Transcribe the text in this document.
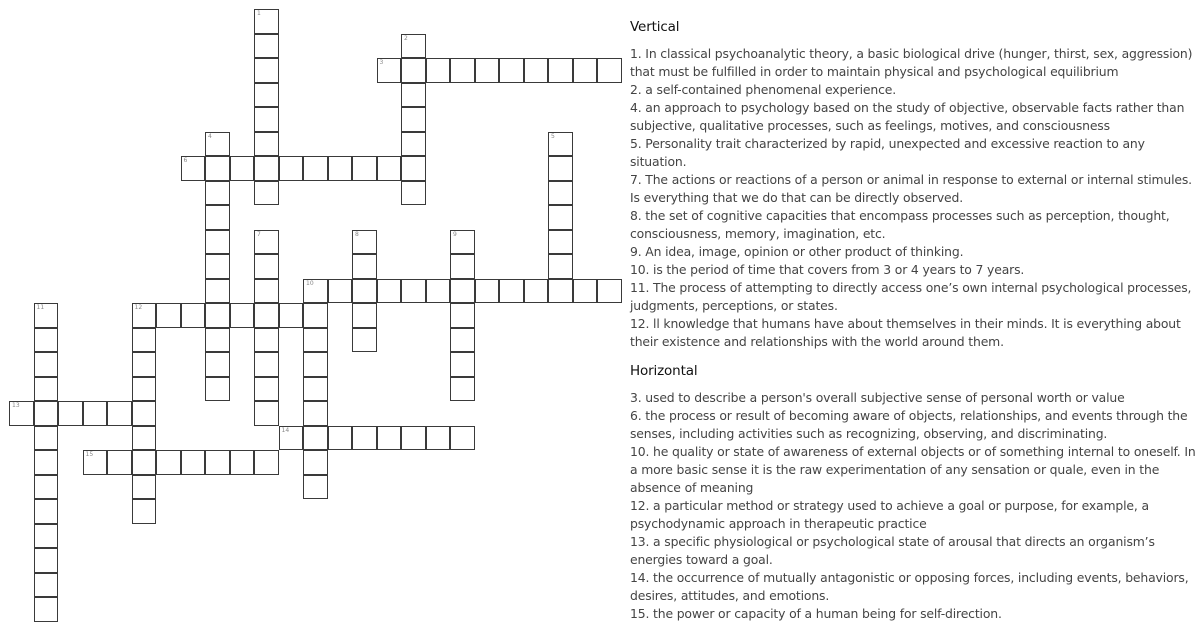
1
2
3
4	5
6
7	8	9
10
11	12
13
14
15
Vertical

1. In classical psychoanalytic theory, a basic biological drive (hunger, thirst, sex, aggression) that must be fulfilled in order to maintain physical and psychological equilibrium

2. a self-contained phenomenal experience.

4. an approach to psychology based on the study of objective, observable facts rather than subjective, qualitative processes, such as feelings, motives, and consciousness

5. Personality trait characterized by rapid, unexpected and excessive reaction to any situation.

7. The actions or reactions of a person or animal in response to external or internal stimules. Is everything that we do that can be directly observed.

8. the set of cognitive capacities that encompass processes such as perception, thought, consciousness, memory, imagination, etc.

9. An idea, image, opinion or other product of thinking.

10. is the period of time that covers from 3 or 4 years to 7 years.

11. The process of attempting to directly access one’s own internal psychological processes, judgments, perceptions, or states.

12. ll knowledge that humans have about themselves in their minds. It is everything about their existence and relationships with the world around them.

Horizontal

3. used to describe a person's overall subjective sense of personal worth or value

6. the process or result of becoming aware of objects, relationships, and events through the senses, including activities such as recognizing, observing, and discriminating.

10. he quality or state of awareness of external objects or of something internal to oneself. In a more basic sense it is the raw experimentation of any sensation or quale, even in the absence of meaning

12. a particular method or strategy used to achieve a goal or purpose, for example, a psychodynamic approach in therapeutic practice

13. a specific physiological or psychological state of arousal that directs an organism’s energies toward a goal.

14. the occurrence of mutually antagonistic or opposing forces, including events, behaviors, desires, attitudes, and emotions.

15. the power or capacity of a human being for self-direction.
